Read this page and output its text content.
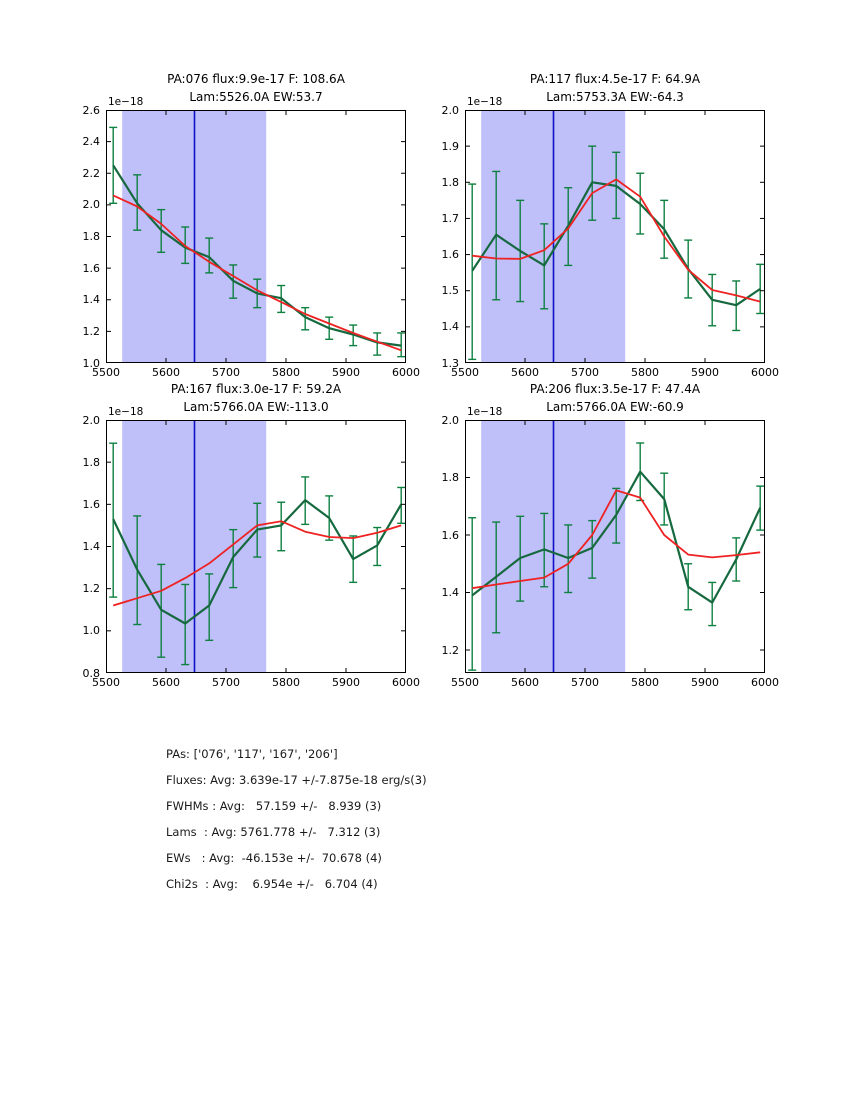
PA:076 flux:9.9e-17 F: 108.6A
Lam:5526.0A EW:53.7
1e−18
1.0
1.2
1.4
1.6
1.8
2.0
2.2
2.4
2.6
5500	5600	5700	5800	5900	6000
PA:117 flux:4.5e-17 F: 64.9A
Lam:5753.3A EW:-64.3
1e−18
1.3
1.4
1.5
1.6
1.7
1.8
1.9
2.0
5500	5600	5700	5800	5900	6000
PA:167 flux:3.0e-17 F: 59.2A
Lam:5766.0A EW:-113.0
1e−18
0.8
1.0
1.2
1.4
1.6
1.8
2.0
5500	5600	5700	5800	5900	6000
PA:206 flux:3.5e-17 F: 47.4A
Lam:5766.0A EW:-60.9
1e−18
1.2
1.4
1.6
1.8
2.0
5500	5600	5700	5800	5900	6000
PAs: ['076', '117', '167', '206']
Fluxes: Avg: 3.639e-17 +/-7.875e-18 erg/s(3)
FWHMs : Avg:   57.159 +/-   8.939 (3)
Lams  : Avg: 5761.778 +/-   7.312 (3)
EWs   : Avg:  -46.153e +/-  70.678 (4)
Chi2s  : Avg:    6.954e +/-   6.704 (4)
